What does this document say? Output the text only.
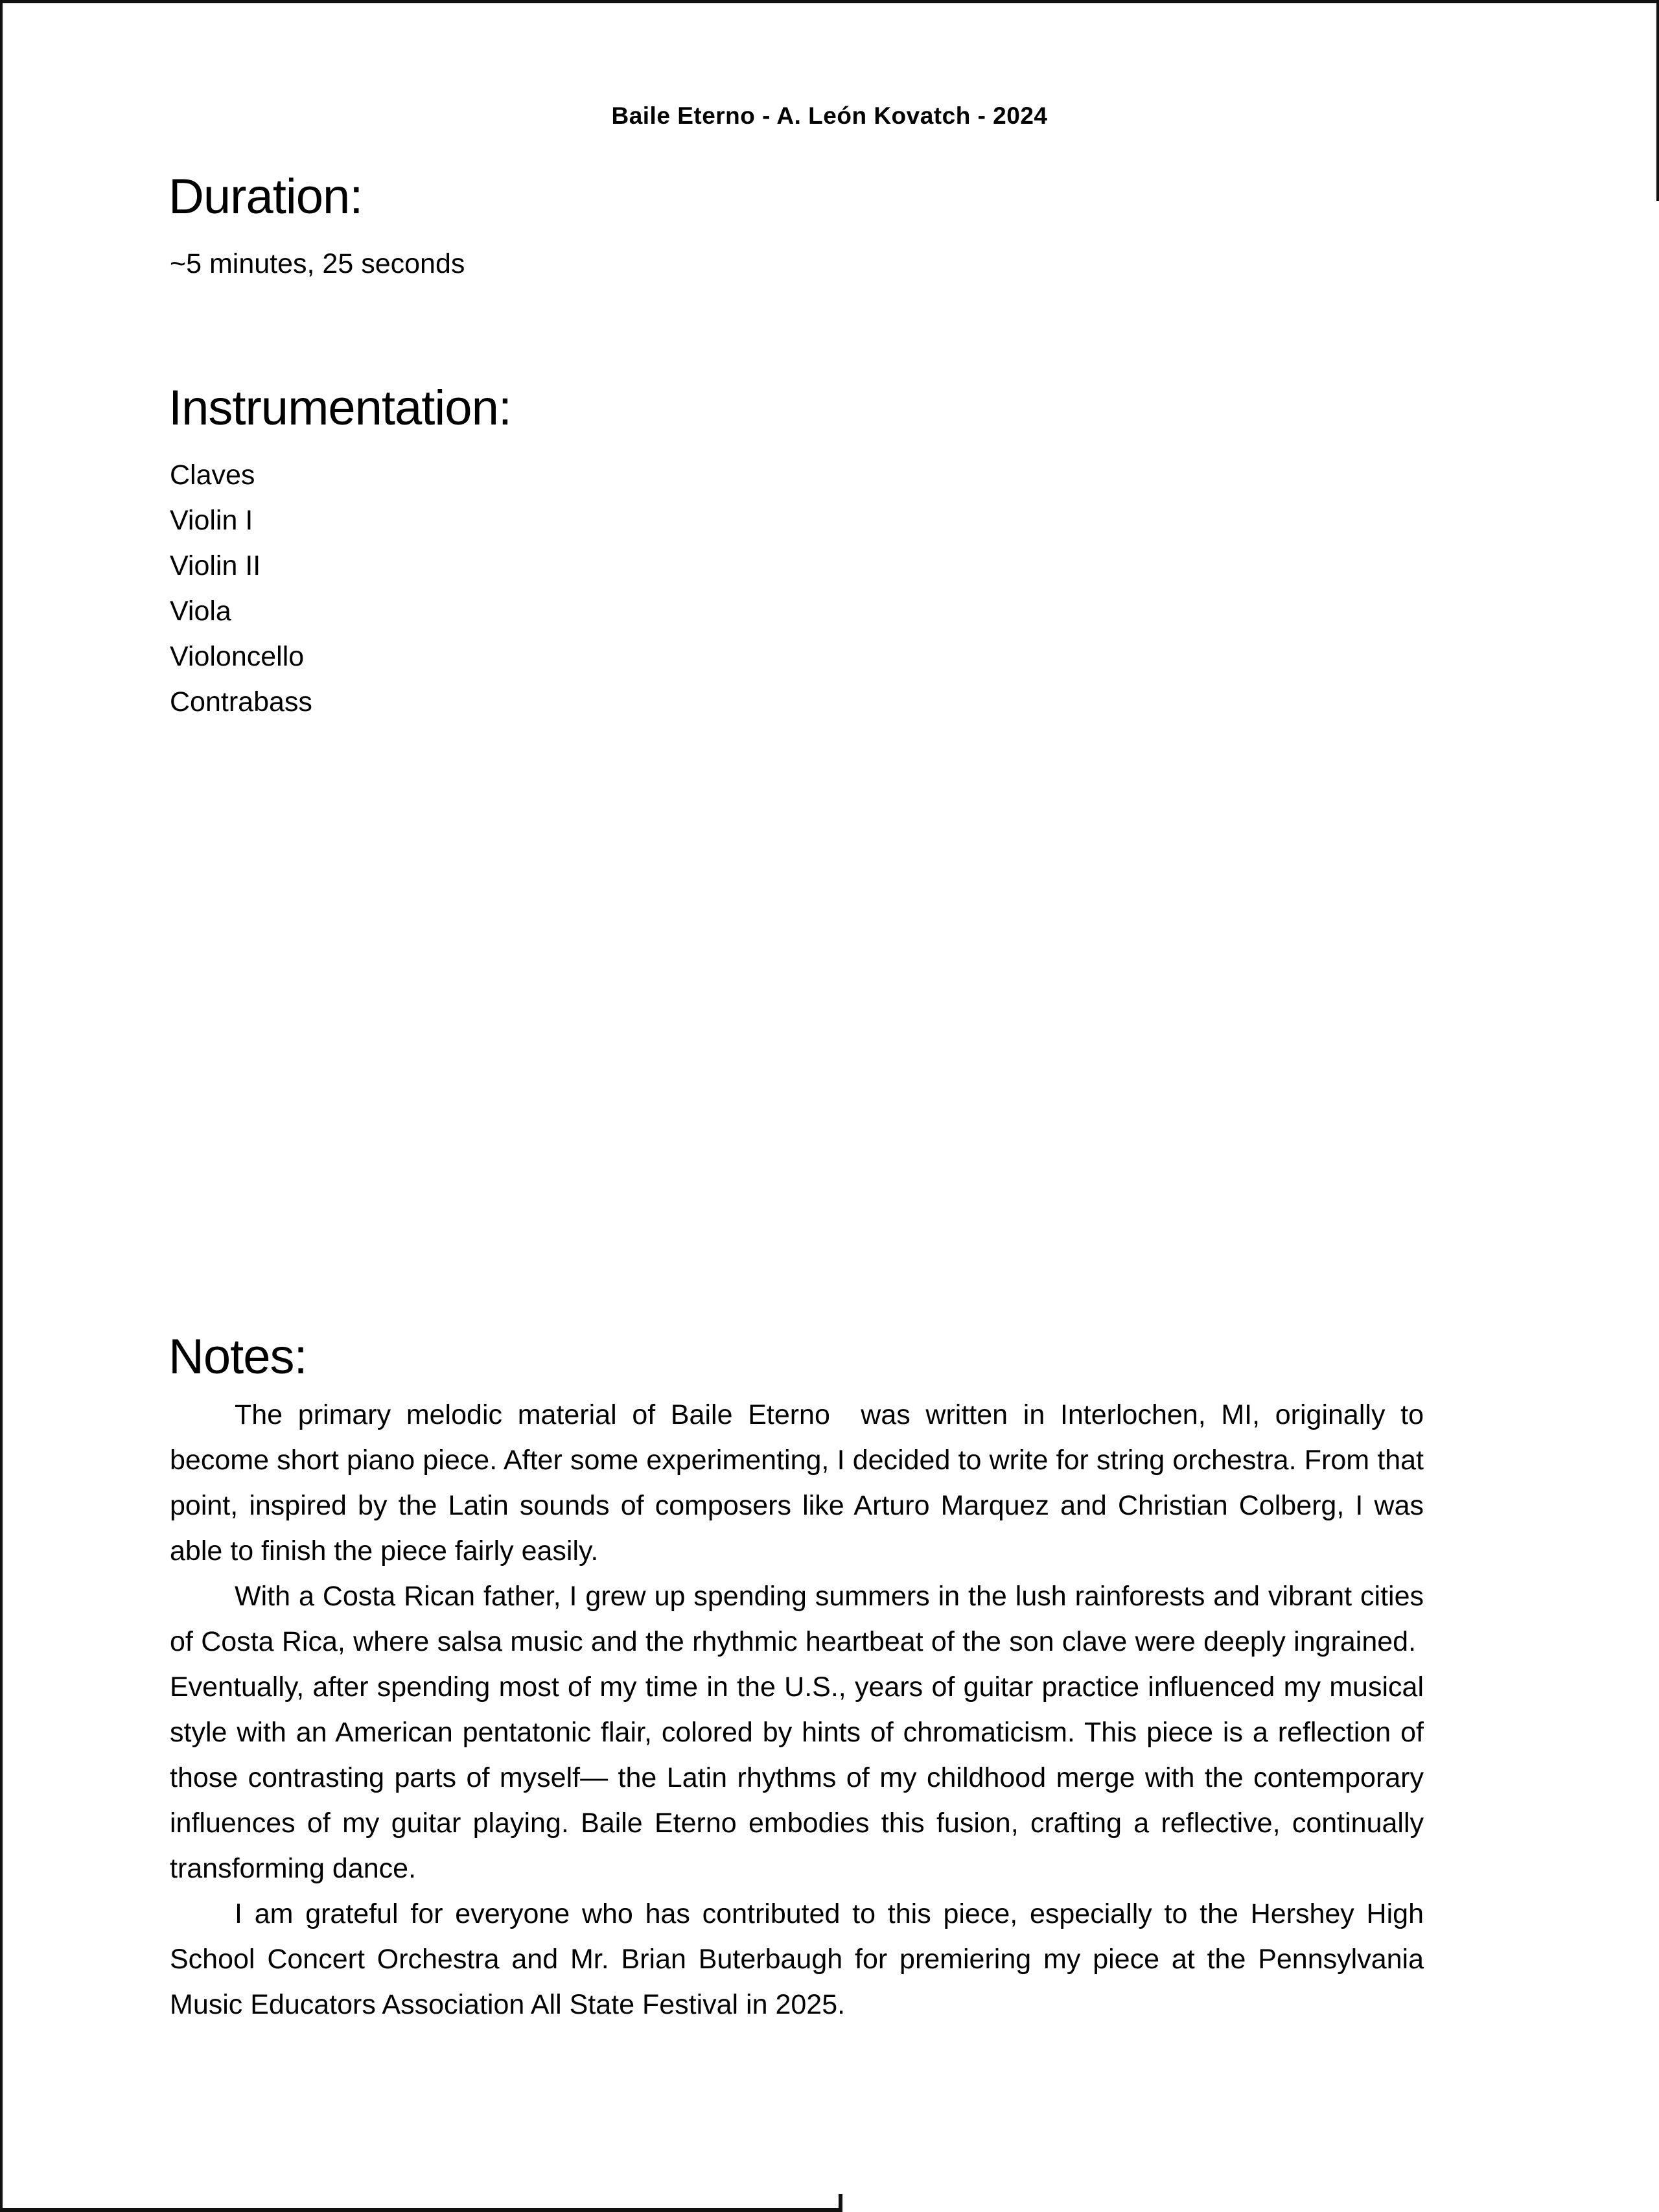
Baile Eterno - A. León Kovatch - 2024
Duration:
~5 minutes, 25 seconds
Instrumentation:
Claves
Violin I
Violin II
Viola
Violoncello
Contrabass
Notes:

The primary melodic material of Baile Eterno  was written in Interlochen, MI, originally to become short piano piece. After some experimenting, I decided to write for string orchestra. From that point, inspired by the Latin sounds of composers like Arturo Marquez and Christian Colberg, I was able to finish the piece fairly easily.

With a Costa Rican father, I grew up spending summers in the lush rainforests and vibrant cities of Costa Rica, where salsa music and the rhythmic heartbeat of the son clave were deeply ingrained.  Eventually, after spending most of my time in the U.S., years of guitar practice influenced my musical style with an American pentatonic flair, colored by hints of chromaticism. This piece is a reflection of those contrasting parts of myself— the Latin rhythms of my childhood merge with the contemporary influences of my guitar playing. Baile Eterno embodies this fusion, crafting a reflective, continually transforming dance.

I am grateful for everyone who has contributed to this piece, especially to the Hershey High School Concert Orchestra and Mr. Brian Buterbaugh for premiering my piece at the Pennsylvania Music Educators Association All State Festival in 2025.
